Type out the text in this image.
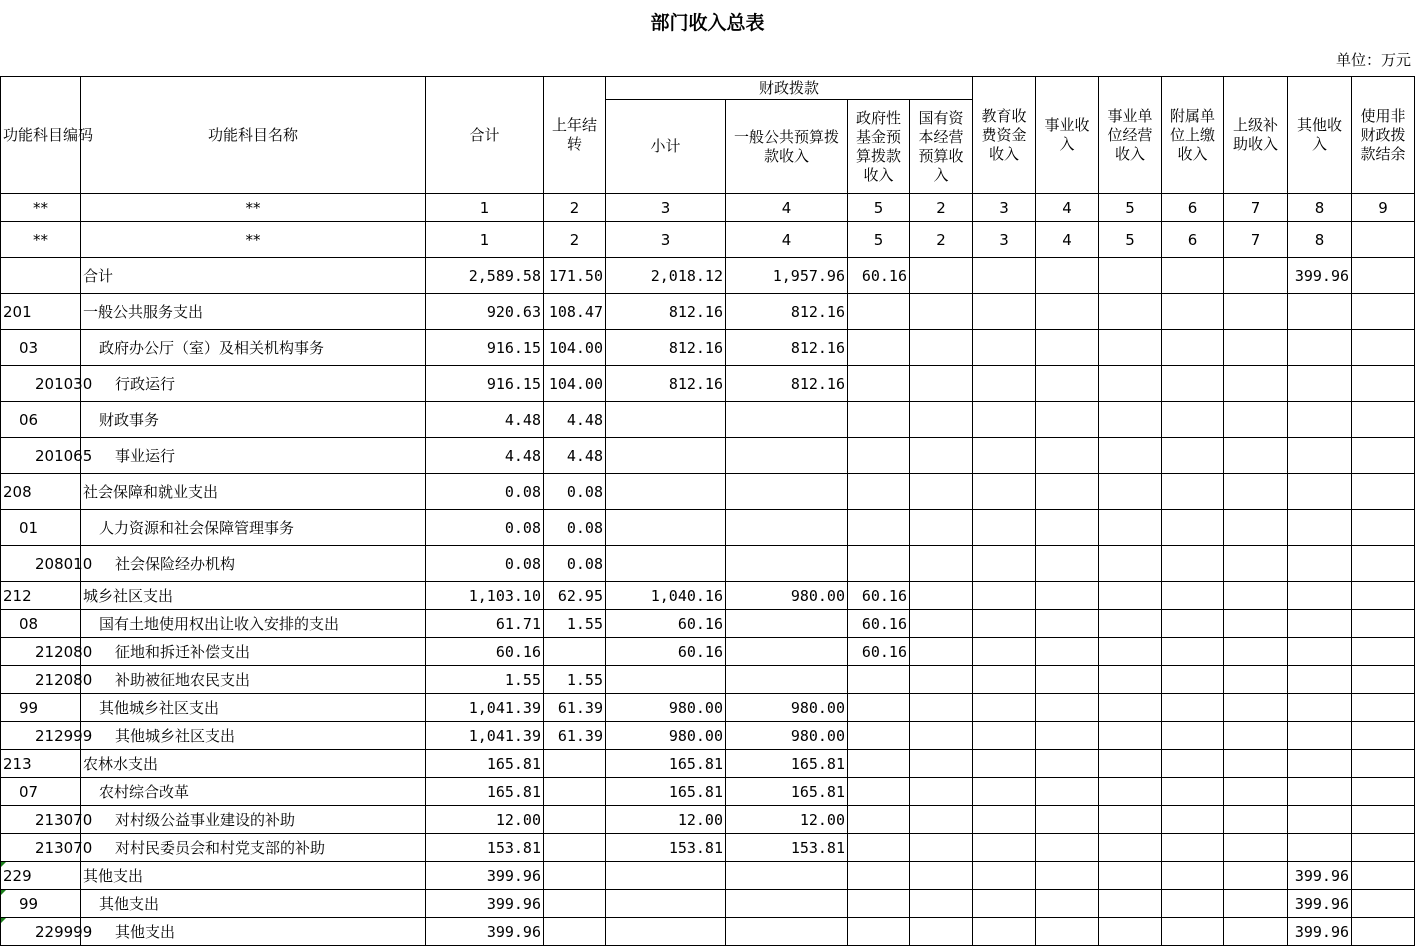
部门收入总表
单位：万元
功能科目编码	功能科目名称	合计	上年结转	财政拨款				教育收费资金收入	事业收入	事业单位经营收入	附属单位上缴收入	上级补助收入	其他收入	使用非财政拨款结余
				小计	一般公共预算拨款收入	政府性基金预算拨款收入	国有资本经营预算收入							
**	**	1	2	3	4	5	2	3	4	5	6	7	8	9
**	**	1	2	3	4	5	2	3	4	5	6	7	8	
	合计	2,589.58	171.50	2,018.12	1,957.96	60.16							399.96	
201	一般公共服务支出	920.63	108.47	812.16	812.16									
03	政府办公厅（室）及相关机构事务	916.15	104.00	812.16	812.16									
201030	行政运行	916.15	104.00	812.16	812.16									
06	财政事务	4.48	4.48											
201065	事业运行	4.48	4.48											
208	社会保障和就业支出	0.08	0.08											
01	人力资源和社会保障管理事务	0.08	0.08											
208010	社会保险经办机构	0.08	0.08											
212	城乡社区支出	1,103.10	62.95	1,040.16	980.00	60.16								
08	国有土地使用权出让收入安排的支出	61.71	1.55	60.16		60.16								
212080	征地和拆迁补偿支出	60.16		60.16		60.16								
212080	补助被征地农民支出	1.55	1.55											
99	其他城乡社区支出	1,041.39	61.39	980.00	980.00									
212999	其他城乡社区支出	1,041.39	61.39	980.00	980.00									
213	农林水支出	165.81		165.81	165.81									
07	农村综合改革	165.81		165.81	165.81									
213070	对村级公益事业建设的补助	12.00		12.00	12.00									
213070	对村民委员会和村党支部的补助	153.81		153.81	153.81									
229	其他支出	399.96											399.96	
99	其他支出	399.96											399.96	
229999	其他支出	399.96											399.96	
